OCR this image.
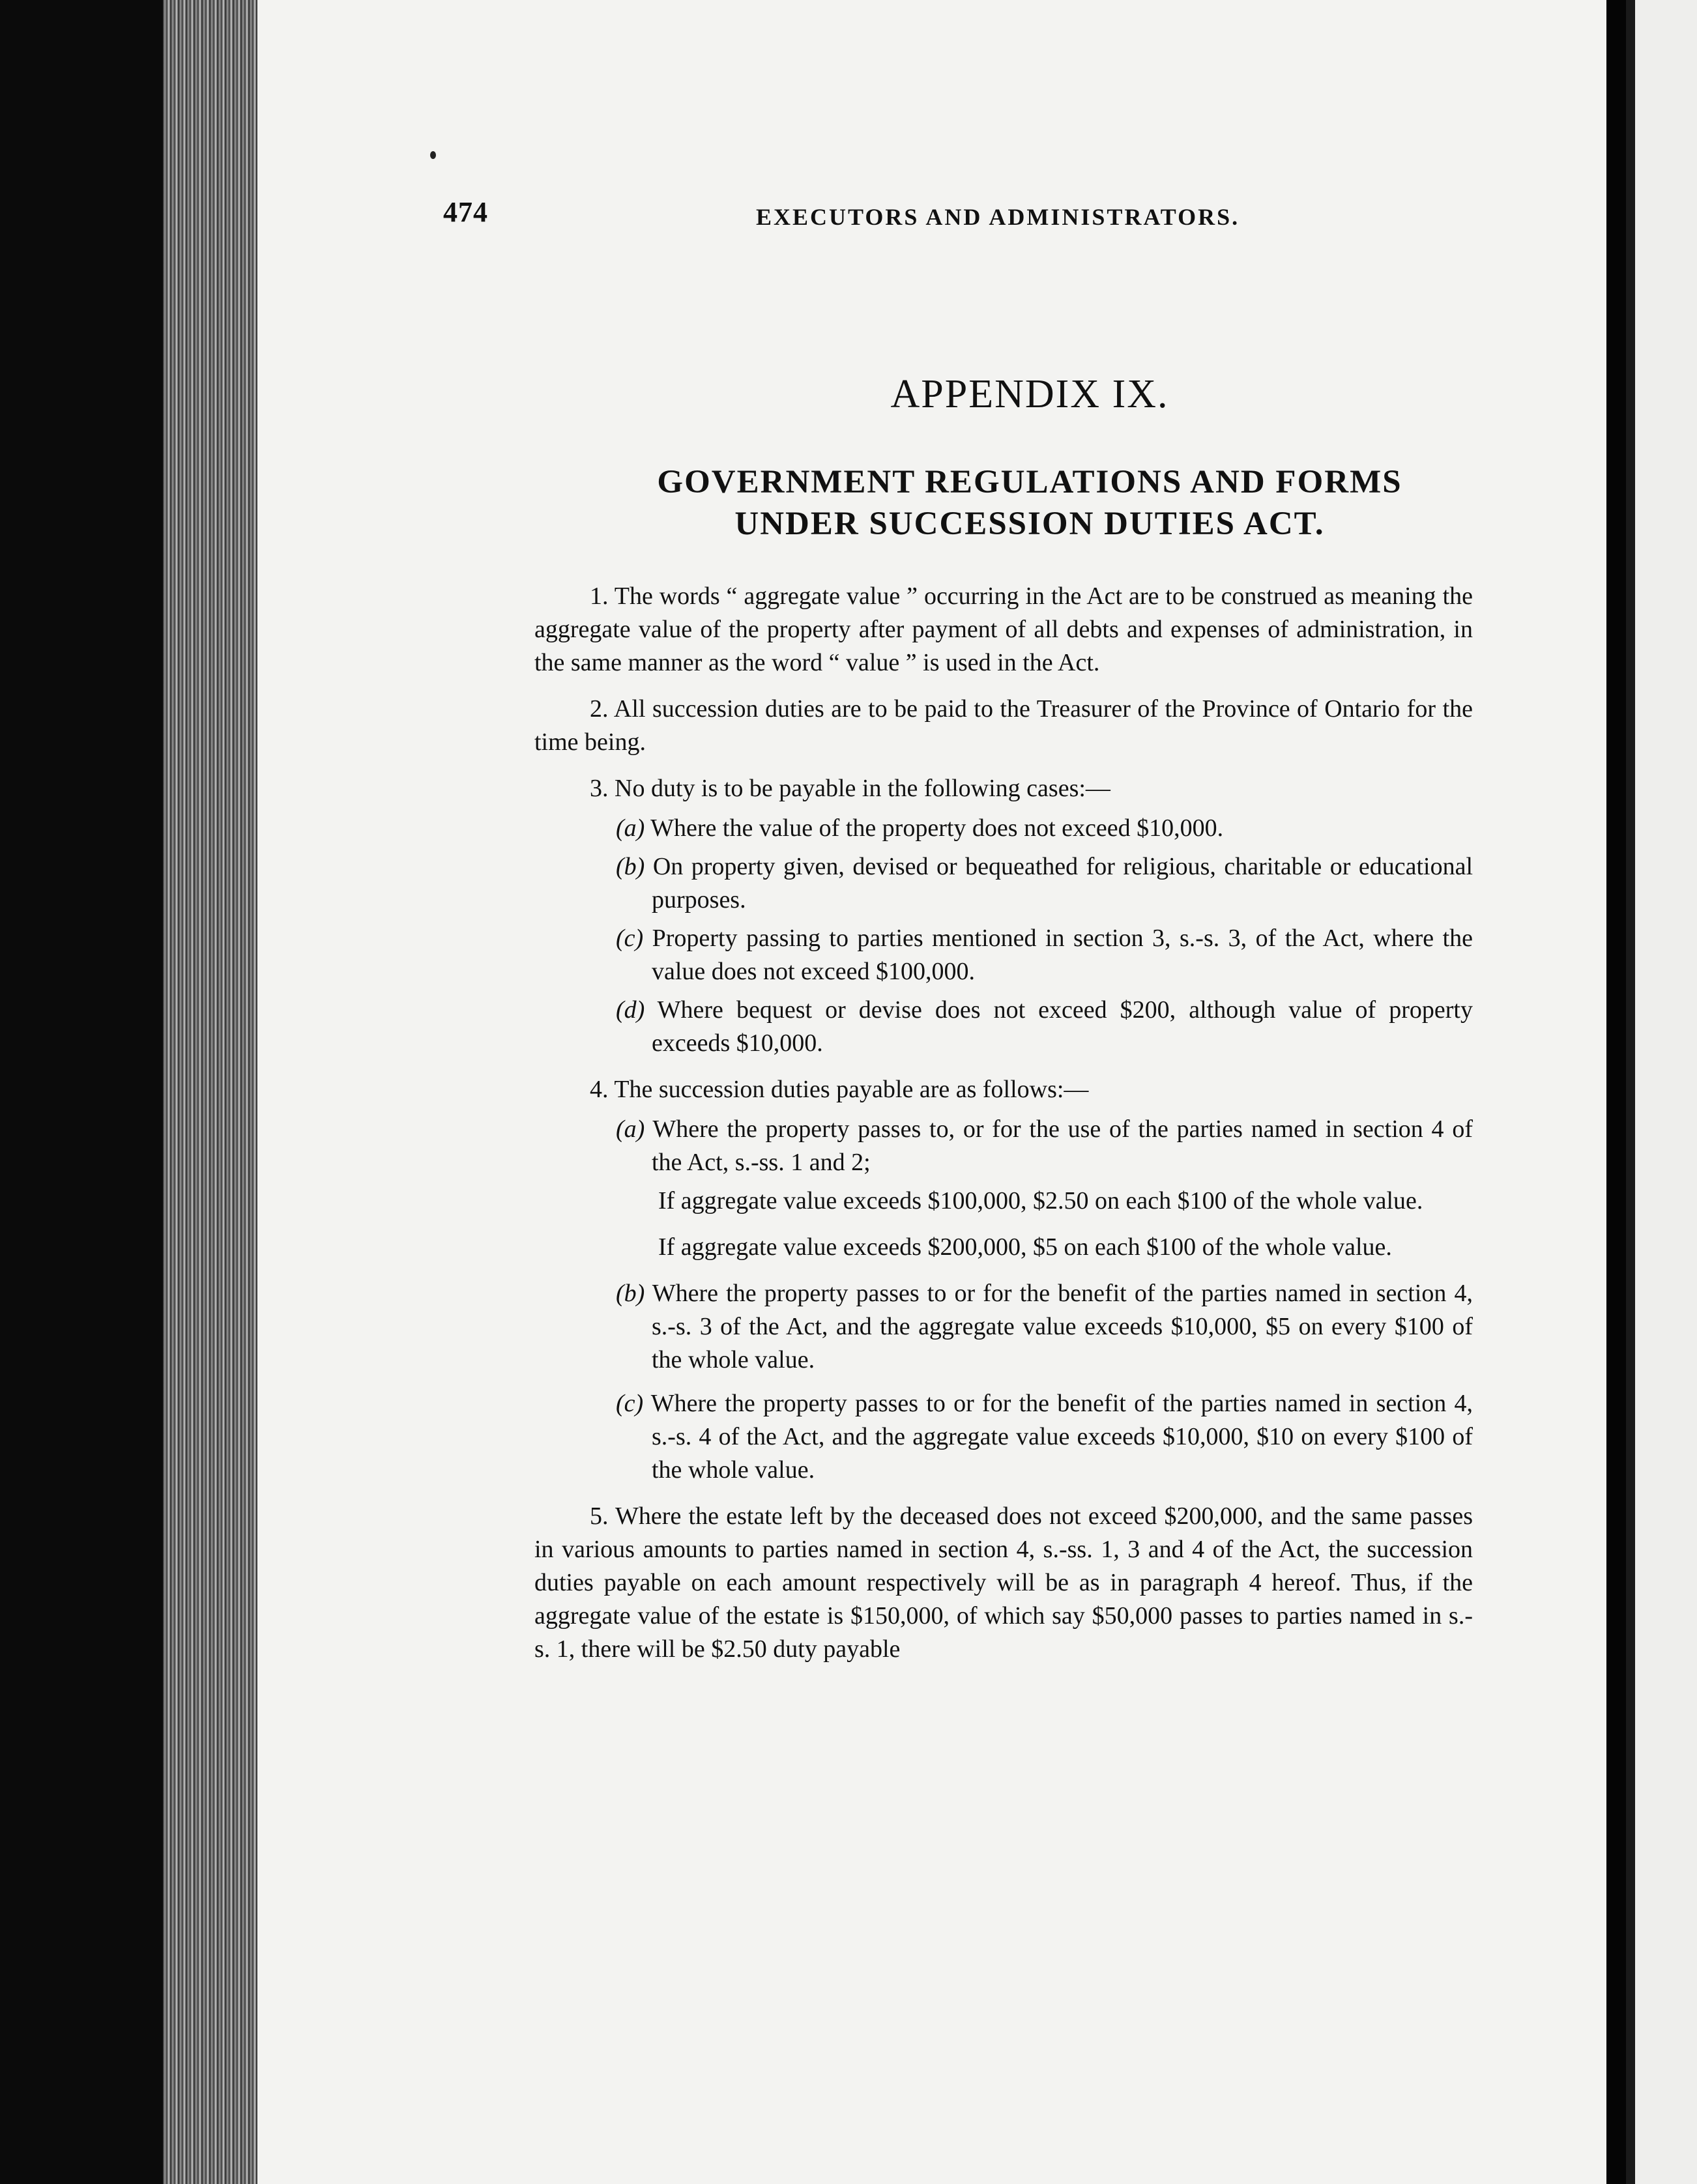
474	EXECUTORS AND ADMINISTRATORS.
APPENDIX IX.
GOVERNMENT REGULATIONS AND FORMS
UNDER SUCCESSION DUTIES ACT.

1. The words “ aggregate value ” occurring in the Act are to be construed as meaning the aggregate value of the property after payment of all debts and expenses of administration, in the same manner as the word “ value ” is used in the Act.

2. All succession duties are to be paid to the Treasurer of the Province of Ontario for the time being.

3. No duty is to be payable in the following cases:—

(a) Where the value of the property does not exceed $10,000.
(b) On property given, devised or bequeathed for religious, charitable or educational purposes.
(c) Property passing to parties mentioned in section 3, s.-s. 3, of the Act, where the value does not exceed $100,000.
(d) Where bequest or devise does not exceed $200, although value of property exceeds $10,000.

4. The succession duties payable are as follows:—

(a) Where the property passes to, or for the use of the parties named in section 4 of the Act, s.-ss. 1 and 2;
If aggregate value exceeds $100,000, $2.50 on each $100 of the whole value.
If aggregate value exceeds $200,000, $5 on each $100 of the whole value.
(b) Where the property passes to or for the benefit of the parties named in section 4, s.-s. 3 of the Act, and the aggregate value exceeds $10,000, $5 on every $100 of the whole value.
(c) Where the property passes to or for the benefit of the parties named in section 4, s.-s. 4 of the Act, and the aggregate value exceeds $10,000, $10 on every $100 of the whole value.

5. Where the estate left by the deceased does not exceed $200,000, and the same passes in various amounts to parties named in section 4, s.-ss. 1, 3 and 4 of the Act, the succession duties payable on each amount respectively will be as in paragraph 4 hereof. Thus, if the aggregate value of the estate is $150,000, of which say $50,000 passes to parties named in s.-s. 1, there will be $2.50 duty payable
